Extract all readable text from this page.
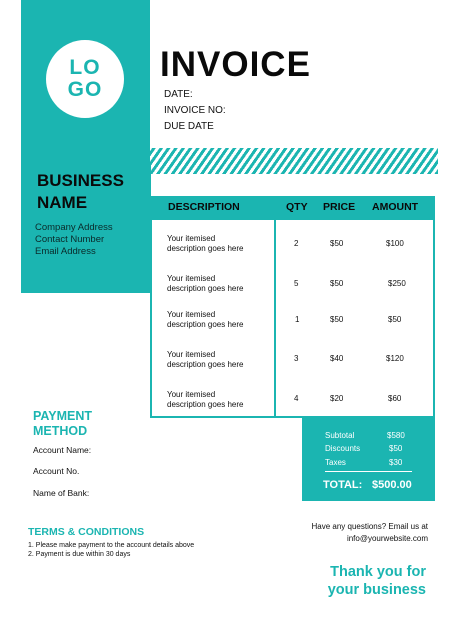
LO
GO
INVOICE
DATE:
INVOICE NO:
DUE DATE
BUSINESS
NAME
Company Address
Contact Number
Email Address
DESCRIPTION	QTY PRICE AMOUNT
Your itemised
description goes here
2	$50	$100
Your itemised
description goes here
5	$50	$250
Your itemised
description goes here
1	$50	$50
Your itemised
description goes here
3	$40	$120
Your itemised
description goes here
4	$20	$60
Subtotal	$580
Discounts	$50
Taxes	$30
TOTAL: $500.00
PAYMENT
METHOD
Account Name:
Account No.
Name of Bank:
TERMS & CONDITIONS
1. Please make payment to the account details above
2. Payment is due within 30 days
Have any questions? Email us at
info@yourwebsite.com
Thank you for
your business
